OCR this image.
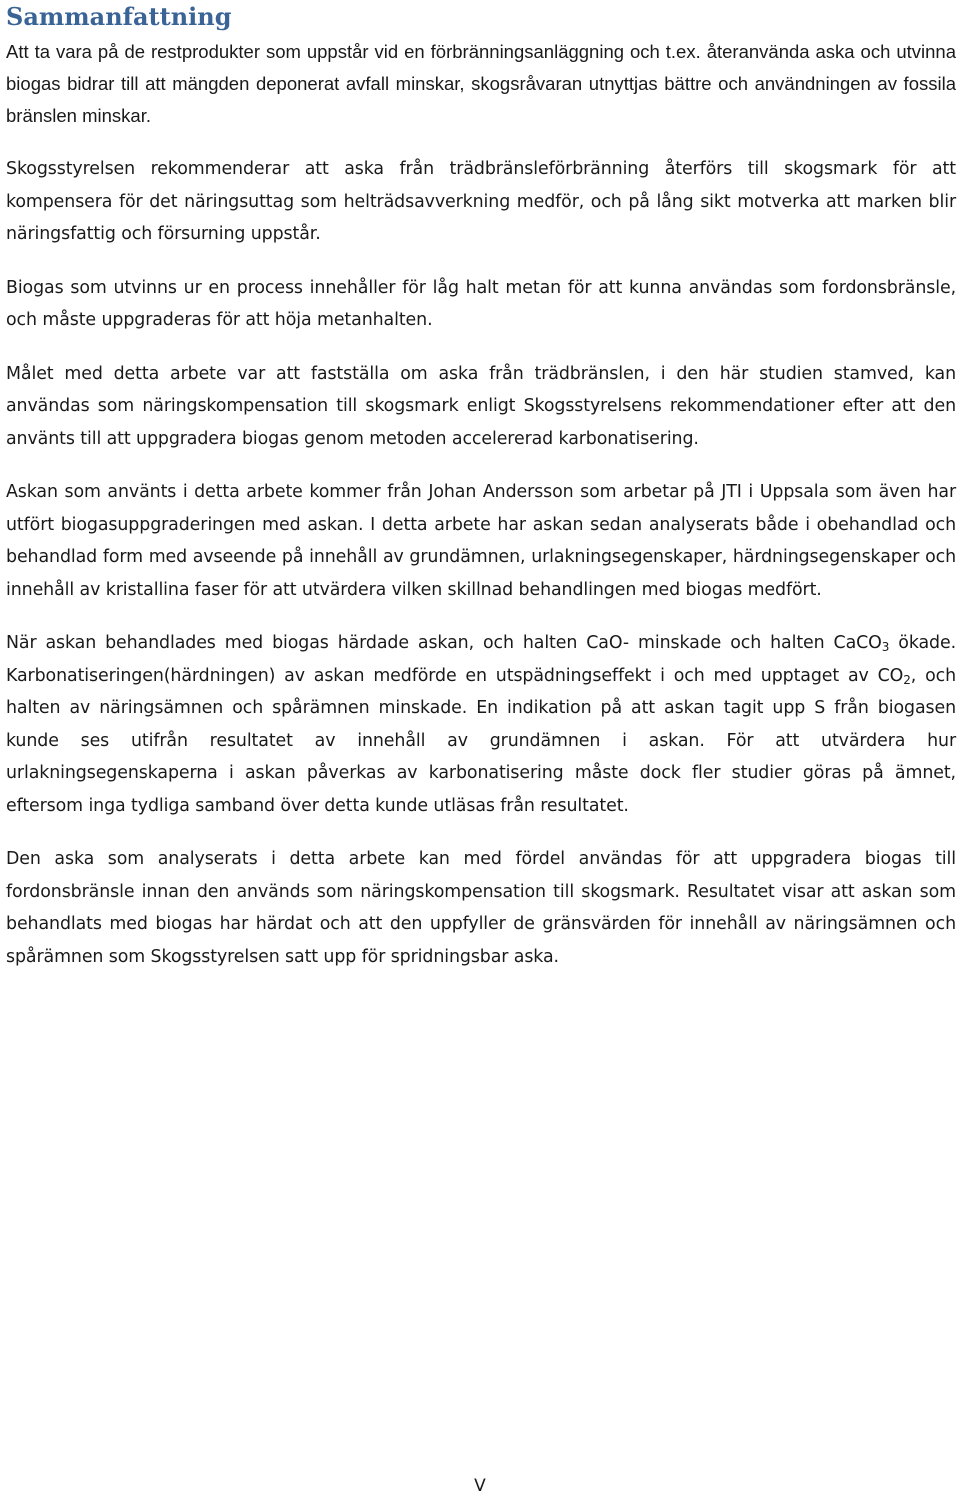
Sammanfattning

Att ta vara på de restprodukter som uppstår vid en förbränningsanläggning och t.ex. återanvända aska och utvinna biogas bidrar till att mängden deponerat avfall minskar, skogsråvaran utnyttjas bättre och användningen av fossila bränslen minskar.

Skogsstyrelsen rekommenderar att aska från trädbränsleförbränning återförs till skogsmark för att kompensera för det näringsuttag som helträdsavverkning medför, och på lång sikt motverka att marken blir näringsfattig och försurning uppstår.

Biogas som utvinns ur en process innehåller för låg halt metan för att kunna användas som fordonsbränsle, och måste uppgraderas för att höja metanhalten.

Målet med detta arbete var att fastställa om aska från trädbränslen, i den här studien stamved, kan användas som näringskompensation till skogsmark enligt Skogsstyrelsens rekommendationer efter att den använts till att uppgradera biogas genom metoden accelererad karbonatisering.

Askan som använts i detta arbete kommer från Johan Andersson som arbetar på JTI i Uppsala som även har utfört biogasuppgraderingen med askan. I detta arbete har askan sedan analyserats både i obehandlad och behandlad form med avseende på innehåll av grundämnen, urlakningsegenskaper, härdningsegenskaper och innehåll av kristallina faser för att utvärdera vilken skillnad behandlingen med biogas medfört.

När askan behandlades med biogas härdade askan, och halten CaO- minskade och halten CaCO$_3$ ökade. Karbonatiseringen(härdningen) av askan medförde en utspädningseffekt i och med upptaget av $CO_2$, och halten av näringsämnen och spårämnen minskade. En indikation på att askan tagit upp S från biogasen kunde ses utifrån resultatet av innehåll av grundämnen i askan. För att utvärdera hur urlakningsegenskaperna i askan påverkas av karbonatisering måste dock fler studier göras på ämnet, eftersom inga tydliga samband över detta kunde utläsas från resultatet.

Den aska som analyserats i detta arbete kan med fördel användas för att uppgradera biogas till fordonsbränsle innan den används som näringskompensation till skogsmark. Resultatet visar att askan som behandlats med biogas har härdat och att den uppfyller de gränsvärden för innehåll av näringsämnen och spårämnen som Skogsstyrelsen satt upp för spridningsbar aska.

V
